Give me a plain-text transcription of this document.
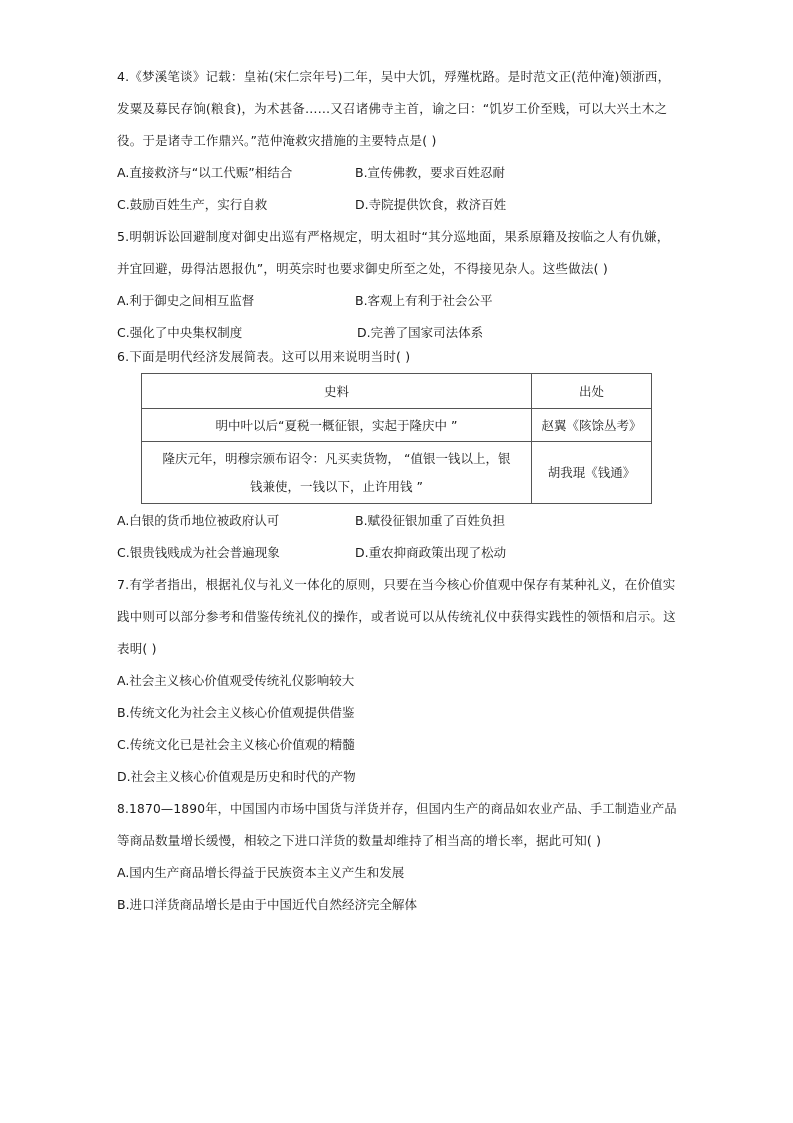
4.《梦溪笔谈》记载：皇祐(宋仁宗年号)二年，吴中大饥，殍殣枕路。是时范文正(范仲淹)领浙西，
发粟及募民存饷(粮食)，为术甚备……又召诸佛寺主首，谕之曰：“饥岁工价至贱，可以大兴土木之
役。于是诸寺工作鼎兴。”范仲淹救灾措施的主要特点是( )
A.直接救济与“以工代赈”相结合	B.宣传佛教，要求百姓忍耐
C.鼓励百姓生产，实行自救	D.寺院提供饮食，救济百姓
5.明朝诉讼回避制度对御史出巡有严格规定，明太祖时“其分巡地面，果系原籍及按临之人有仇嫌，
并宜回避，毋得沽恩报仇”，明英宗时也要求御史所至之处，不得接见杂人。这些做法( )
A.利于御史之间相互监督	B.客观上有利于社会公平
C.强化了中央集权制度	D.完善了国家司法体系
6.下面是明代经济发展简表。这可以用来说明当时( )
史料	出处
明中叶以后“夏税一概征银，实起于隆庆中 ”	赵翼《陔馀丛考》

隆庆元年，明穆宗颁布诏令：凡买卖货物， “值银一钱以上，银
钱兼使，一钱以下，止许用钱 ”	胡我琨《钱通》
A.白银的货币地位被政府认可	B.赋役征银加重了百姓负担
C.银贵钱贱成为社会普遍现象	D.重农抑商政策出现了松动
7.有学者指出，根据礼仪与礼义一体化的原则，只要在当今核心价值观中保存有某种礼义，在价值实
践中则可以部分参考和借鉴传统礼仪的操作，或者说可以从传统礼仪中获得实践性的领悟和启示。这
表明( )
A.社会主义核心价值观受传统礼仪影响较大
B.传统文化为社会主义核心价值观提供借鉴
C.传统文化已是社会主义核心价值观的精髓
D.社会主义核心价值观是历史和时代的产物
8.1870—1890年，中国国内市场中国货与洋货并存，但国内生产的商品如农业产品、手工制造业产品
等商品数量增长缓慢，相较之下进口洋货的数量却维持了相当高的增长率，据此可知( )
A.国内生产商品增长得益于民族资本主义产生和发展
B.进口洋货商品增长是由于中国近代自然经济完全解体
